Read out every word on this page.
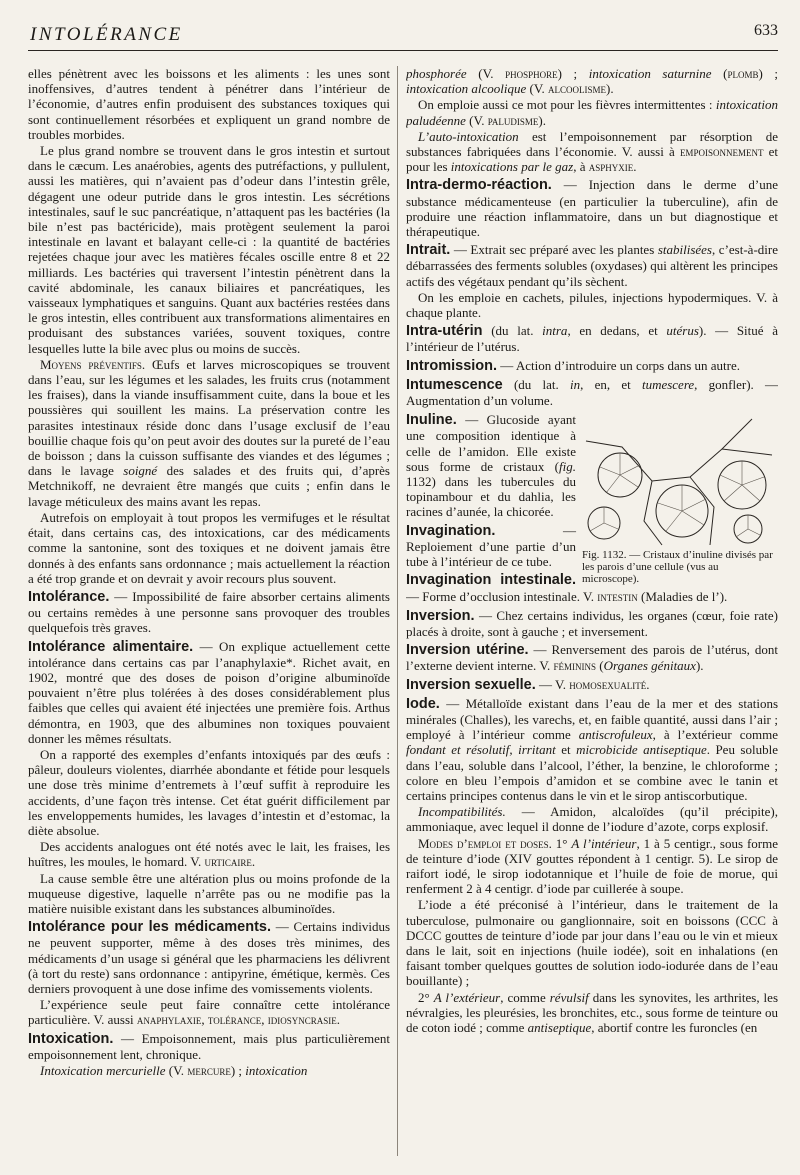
INTOLÉRANCE	633

elles pénètrent avec les boissons et les aliments : les unes sont inoffensives, d’autres tendent à pénétrer dans l’intérieur de l’économie, d’autres enfin produisent des substances toxiques qui sont continuellement résorbées et expliquent un grand nombre de troubles morbides.

Le plus grand nombre se trouvent dans le gros intestin et surtout dans le cæcum. Les anaérobies, agents des putréfactions, y pullulent, aussi les matières, qui n’avaient pas d’odeur dans l’intestin grêle, dégagent une odeur putride dans le gros intestin. Les sécrétions intestinales, sauf le suc pancréatique, n’attaquent pas les bactéries (la bile n’est pas bactéricide), mais protègent seulement la paroi intestinale en lavant et balayant celle-ci : la quantité de bactéries rejetées chaque jour avec les matières fécales oscille entre 8 et 22 milliards. Les bactéries qui traversent l’intestin pénètrent dans la cavité abdominale, les canaux biliaires et pancréatiques, les vaisseaux lymphatiques et sanguins. Quant aux bactéries restées dans le gros intestin, elles contribuent aux transformations alimentaires en produisant des substances variées, souvent toxiques, contre lesquelles lutte la bile avec plus ou moins de succès.

Moyens préventifs. Œufs et larves microscopiques se trouvent dans l’eau, sur les légumes et les salades, les fruits crus (notamment les fraises), dans la viande insuffisamment cuite, dans la boue et les poussières qui souillent les mains. La préservation contre les parasites intestinaux réside donc dans l’usage exclusif de l’eau bouillie chaque fois qu’on peut avoir des doutes sur la pureté de l’eau de boisson ; dans la cuisson suffisante des viandes et des légumes ; dans le lavage soigné des salades et des fruits qui, d’après Metchnikoff, ne devraient être mangés que cuits ; enfin dans le lavage méticuleux des mains avant les repas.

Autrefois on employait à tout propos les vermifuges et le résultat était, dans certains cas, des intoxications, car des médicaments comme la santonine, sont des toxiques et ne doivent jamais être donnés à des enfants sans ordonnance ; mais actuellement la réaction a été trop grande et on devrait y avoir recours plus souvent.

Intolérance. — Impossibilité de faire absorber certains aliments ou certains remèdes à une personne sans provoquer des troubles quelquefois très graves.

Intolérance alimentaire. — On explique actuellement cette intolérance dans certains cas par l’anaphylaxie*. Richet avait, en 1902, montré que des doses de poison d’origine albuminoïde pouvaient n’être plus tolérées à des doses considérablement plus faibles que celles qui avaient été injectées une première fois. Arthus démontra, en 1903, que des albumines non toxiques pouvaient donner les mêmes résultats.

On a rapporté des exemples d’enfants intoxiqués par des œufs : pâleur, douleurs violentes, diarrhée abondante et fétide pour lesquels une dose très minime d’entremets à l’œuf suffit à reproduire les accidents, d’une façon très intense. Cet état guérit difficilement par les enveloppements humides, les lavages d’intestin et d’estomac, la diète absolue.

Des accidents analogues ont été notés avec le lait, les fraises, les huîtres, les moules, le homard. V. urticaire.

La cause semble être une altération plus ou moins profonde de la muqueuse digestive, laquelle n’arrête pas ou ne modifie pas la matière nuisible existant dans les substances albuminoïdes.

Intolérance pour les médicaments. — Certains individus ne peuvent supporter, même à des doses très minimes, des médicaments d’un usage si général que les pharmaciens les délivrent (à tort du reste) sans ordonnance : antipyrine, émétique, kermès. Ces derniers provoquent à une dose infime des vomissements violents.

L’expérience seule peut faire connaître cette intolérance particulière. V. aussi anaphylaxie, tolérance, idiosyncrasie.

Intoxication. — Empoisonnement, mais plus particulièrement empoisonnement lent, chronique.

Intoxication mercurielle (V. mercure) ; intoxication

phosphorée (V. phosphore) ; intoxication saturnine (plomb) ; intoxication alcoolique (V. alcoolisme).

On emploie aussi ce mot pour les fièvres intermittentes : intoxication paludéenne (V. paludisme).

L’auto-intoxication est l’empoisonnement par résorption de substances fabriquées dans l’économie. V. aussi à empoisonnement et pour les intoxications par le gaz, à asphyxie.

Intra-dermo-réaction. — Injection dans le derme d’une substance médicamenteuse (en particulier la tuberculine), afin de produire une réaction inflammatoire, dans un but diagnostique et thérapeutique.

Intrait. — Extrait sec préparé avec les plantes stabilisées, c’est-à-dire débarrassées des ferments solubles (oxydases) qui altèrent les principes actifs des végétaux pendant qu’ils sèchent.

On les emploie en cachets, pilules, injections hypodermiques. V. à chaque plante.

Intra-utérin (du lat. intra, en dedans, et utérus). — Situé à l’intérieur de l’utérus.

Intromission. — Action d’introduire un corps dans un autre.

Intumescence (du lat. in, en, et tumescere, gonfler). — Augmentation d’un volume.

Fig. 1132. — Cristaux d’inuline divisés par les parois d’une cellule (vus au microscope).

Inuline. — Glucoside ayant une composition identique à celle de l’amidon. Elle existe sous forme de cristaux (fig. 1132) dans les tubercules du topinambour et du dahlia, les racines d’aunée, la chicorée.

Invagination. — Reploiement d’une partie d’un tube à l’intérieur de ce tube.

Invagination intestinale. — Forme d’occlusion intestinale. V. intestin (Maladies de l’).

Inversion. — Chez certains individus, les organes (cœur, foie rate) placés à droite, sont à gauche ; et inversement.

Inversion utérine. — Renversement des parois de l’utérus, dont l’externe devient interne. V. féminins (Organes génitaux).

Inversion sexuelle. — V. homosexualité.

Iode. — Métalloïde existant dans l’eau de la mer et des stations minérales (Challes), les varechs, et, en faible quantité, aussi dans l’air ; employé à l’intérieur comme antiscrofuleux, à l’extérieur comme fondant et résolutif, irritant et microbicide antiseptique. Peu soluble dans l’eau, soluble dans l’alcool, l’éther, la benzine, le chloroforme ; colore en bleu l’empois d’amidon et se combine avec le tanin et certains principes contenus dans le vin et le sirop antiscorbutique.

Incompatibilités. — Amidon, alcaloïdes (qu’il précipite), ammoniaque, avec lequel il donne de l’iodure d’azote, corps explosif.

Modes d’emploi et doses. 1° A l’intérieur, 1 à 5 centigr., sous forme de teinture d’iode (XIV gouttes répondent à 1 centigr. 5). Le sirop de raifort iodé, le sirop iodotannique et l’huile de foie de morue, qui renferment 2 à 4 centigr. d’iode par cuillerée à soupe.

L’iode a été préconisé à l’intérieur, dans le traitement de la tuberculose, pulmonaire ou ganglionnaire, soit en boissons (CCC à DCCC gouttes de teinture d’iode par jour dans l’eau ou le vin et mieux dans le lait, soit en injections (huile iodée), soit en inhalations (en faisant tomber quelques gouttes de solution iodo-iodurée dans de l’eau bouillante) ;

2° A l’extérieur, comme révulsif dans les synovites, les arthrites, les névralgies, les pleurésies, les bronchites, etc., sous forme de teinture ou de coton iodé ; comme antiseptique, abortif contre les furoncles (en
